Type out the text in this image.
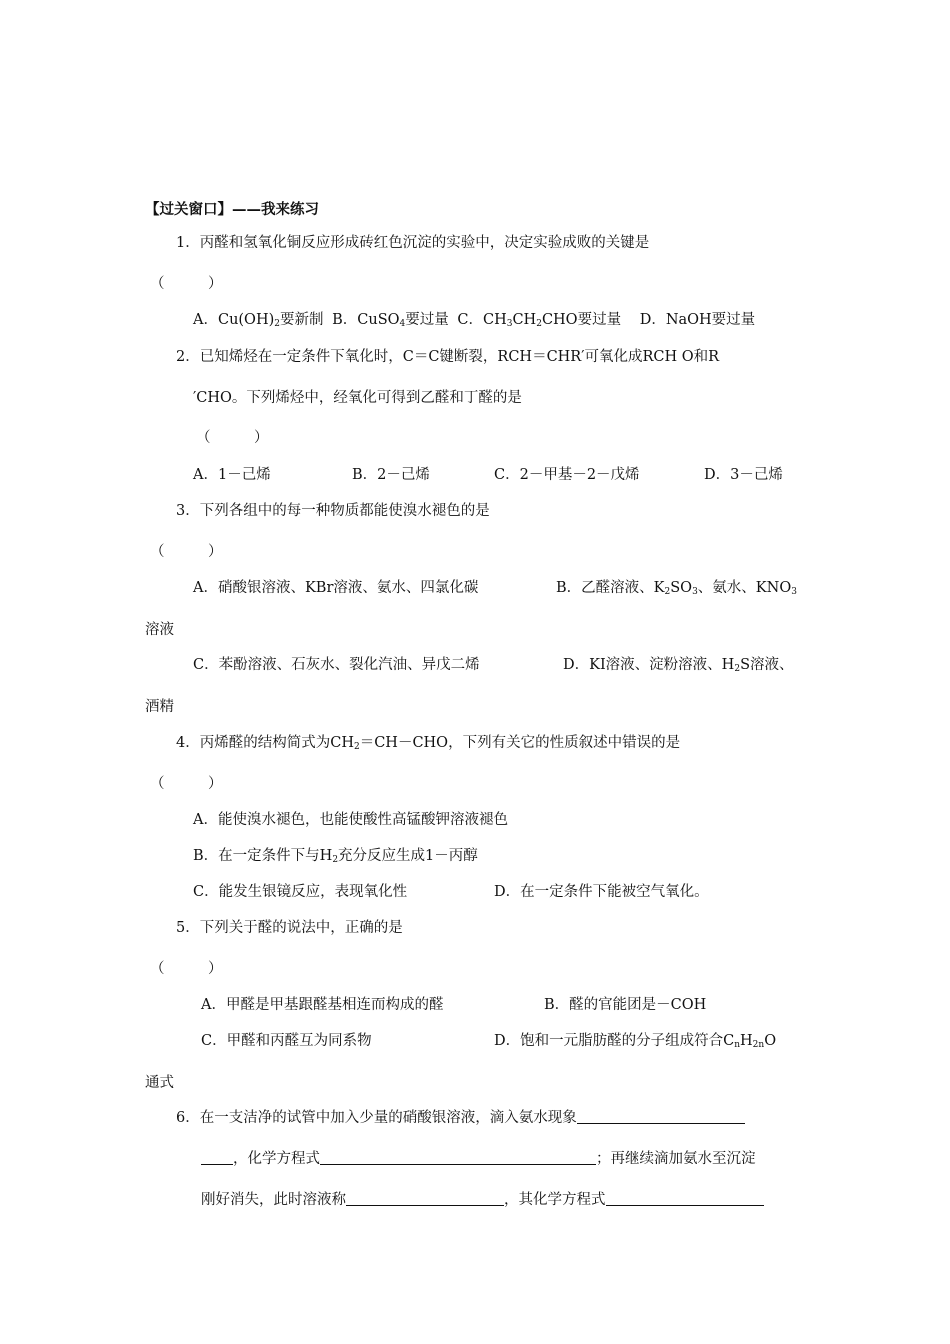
【过关窗口】——我来练习
1．丙醛和氢氧化铜反应形成砖红色沉淀的实验中，决定实验成败的关键是
（　　　）
A．$Cu(OH)_2$要新制 B．CuSO$_4$要过量 C．$CH_3CH_2CHO$要过量 D．NaOH要过量
2．已知烯烃在一定条件下氧化时，C＝C键断裂，RCH＝CHR′可氧化成RCH O和R
′CHO。下列烯烃中，经氧化可得到乙醛和丁醛的是
（　　　）
A．1－己烯	B．2－己烯	C．2－甲基－2－戊烯	D．3－己烯
3．下列各组中的每一种物质都能使溴水褪色的是
（　　　）
A．硝酸银溶液、KBr溶液、氨水、四氯化碳	B．乙醛溶液、$K_2SO_3$、氨水、$KNO_3$
溶液
C．苯酚溶液、石灰水、裂化汽油、异戊二烯	D．KI溶液、淀粉溶液、$H_2S$溶液、
酒精
4．丙烯醛的结构简式为$CH_2=CH-CHO$，下列有关它的性质叙述中错误的是
（　　　）
A．能使溴水褪色，也能使酸性高锰酸钾溶液褪色
B．在一定条件下与$H_2$充分反应生成1－丙醇
C．能发生银镜反应，表现氧化性	D．在一定条件下能被空气氧化。
5．下列关于醛的说法中，正确的是
（　　　）
A．甲醛是甲基跟醛基相连而构成的醛	B．醛的官能团是－COH
C．甲醛和丙醛互为同系物	D．饱和一元脂肪醛的分子组成符合$C_nH_{2n}O$
通式
6．在一支洁净的试管中加入少量的硝酸银溶液，滴入氨水现象
，化学方程式	；再继续滴加氨水至沉淀
刚好消失，此时溶液称	，其化学方程式
